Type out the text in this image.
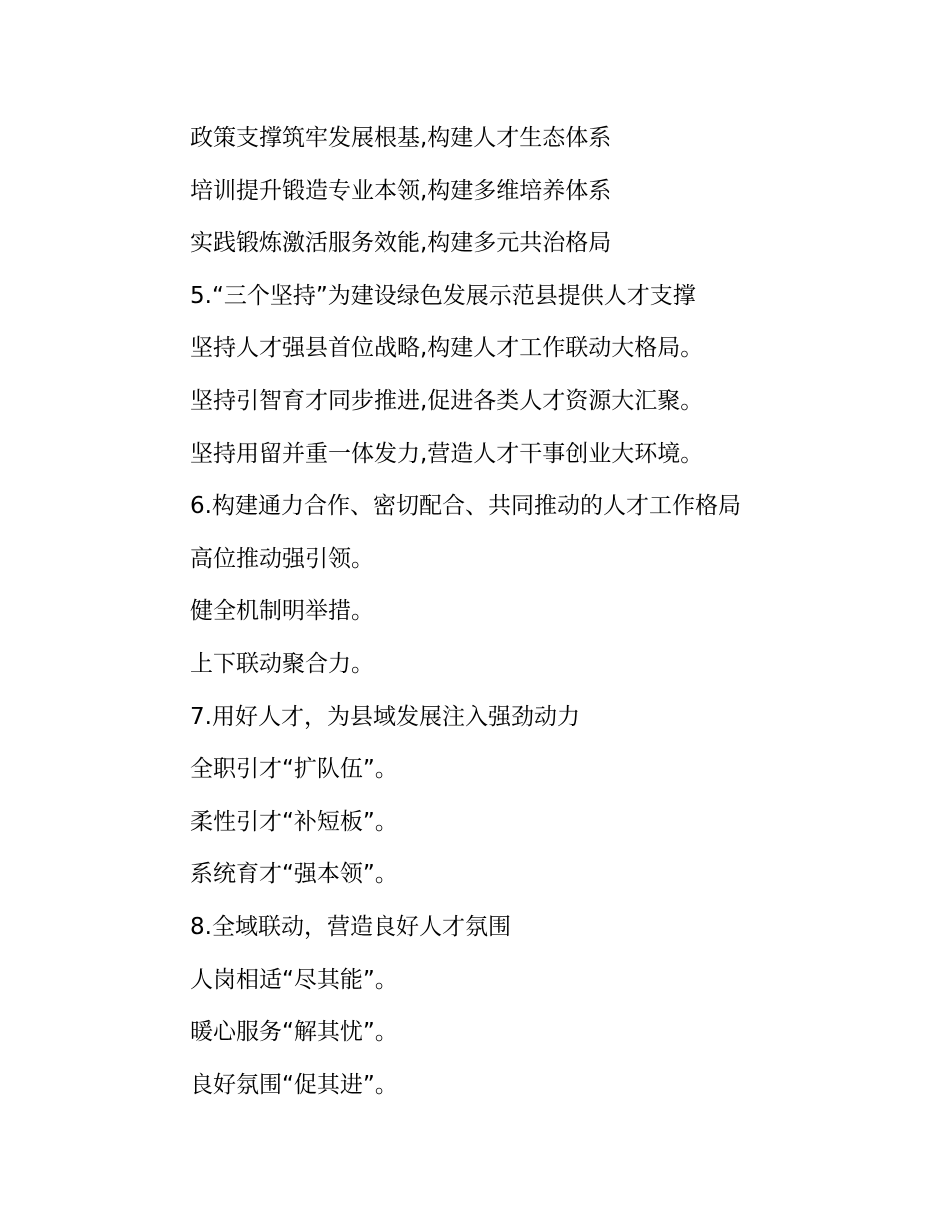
政策支撑筑牢发展根基,构建人才生态体系

培训提升锻造专业本领,构建多维培养体系

实践锻炼激活服务效能,构建多元共治格局

5.“三个坚持”为建设绿色发展示范县提供人才支撑

坚持人才强县首位战略,构建人才工作联动大格局。

坚持引智育才同步推进,促进各类人才资源大汇聚。

坚持用留并重一体发力,营造人才干事创业大环境。

6.构建通力合作、密切配合、共同推动的人才工作格局

高位推动强引领。

健全机制明举措。

上下联动聚合力。

7.用好人才，为县域发展注入强劲动力

全职引才“扩队伍”。

柔性引才“补短板”。

系统育才“强本领”。

8.全域联动，营造良好人才氛围

人岗相适“尽其能”。

暖心服务“解其忧”。

良好氛围“促其进”。
